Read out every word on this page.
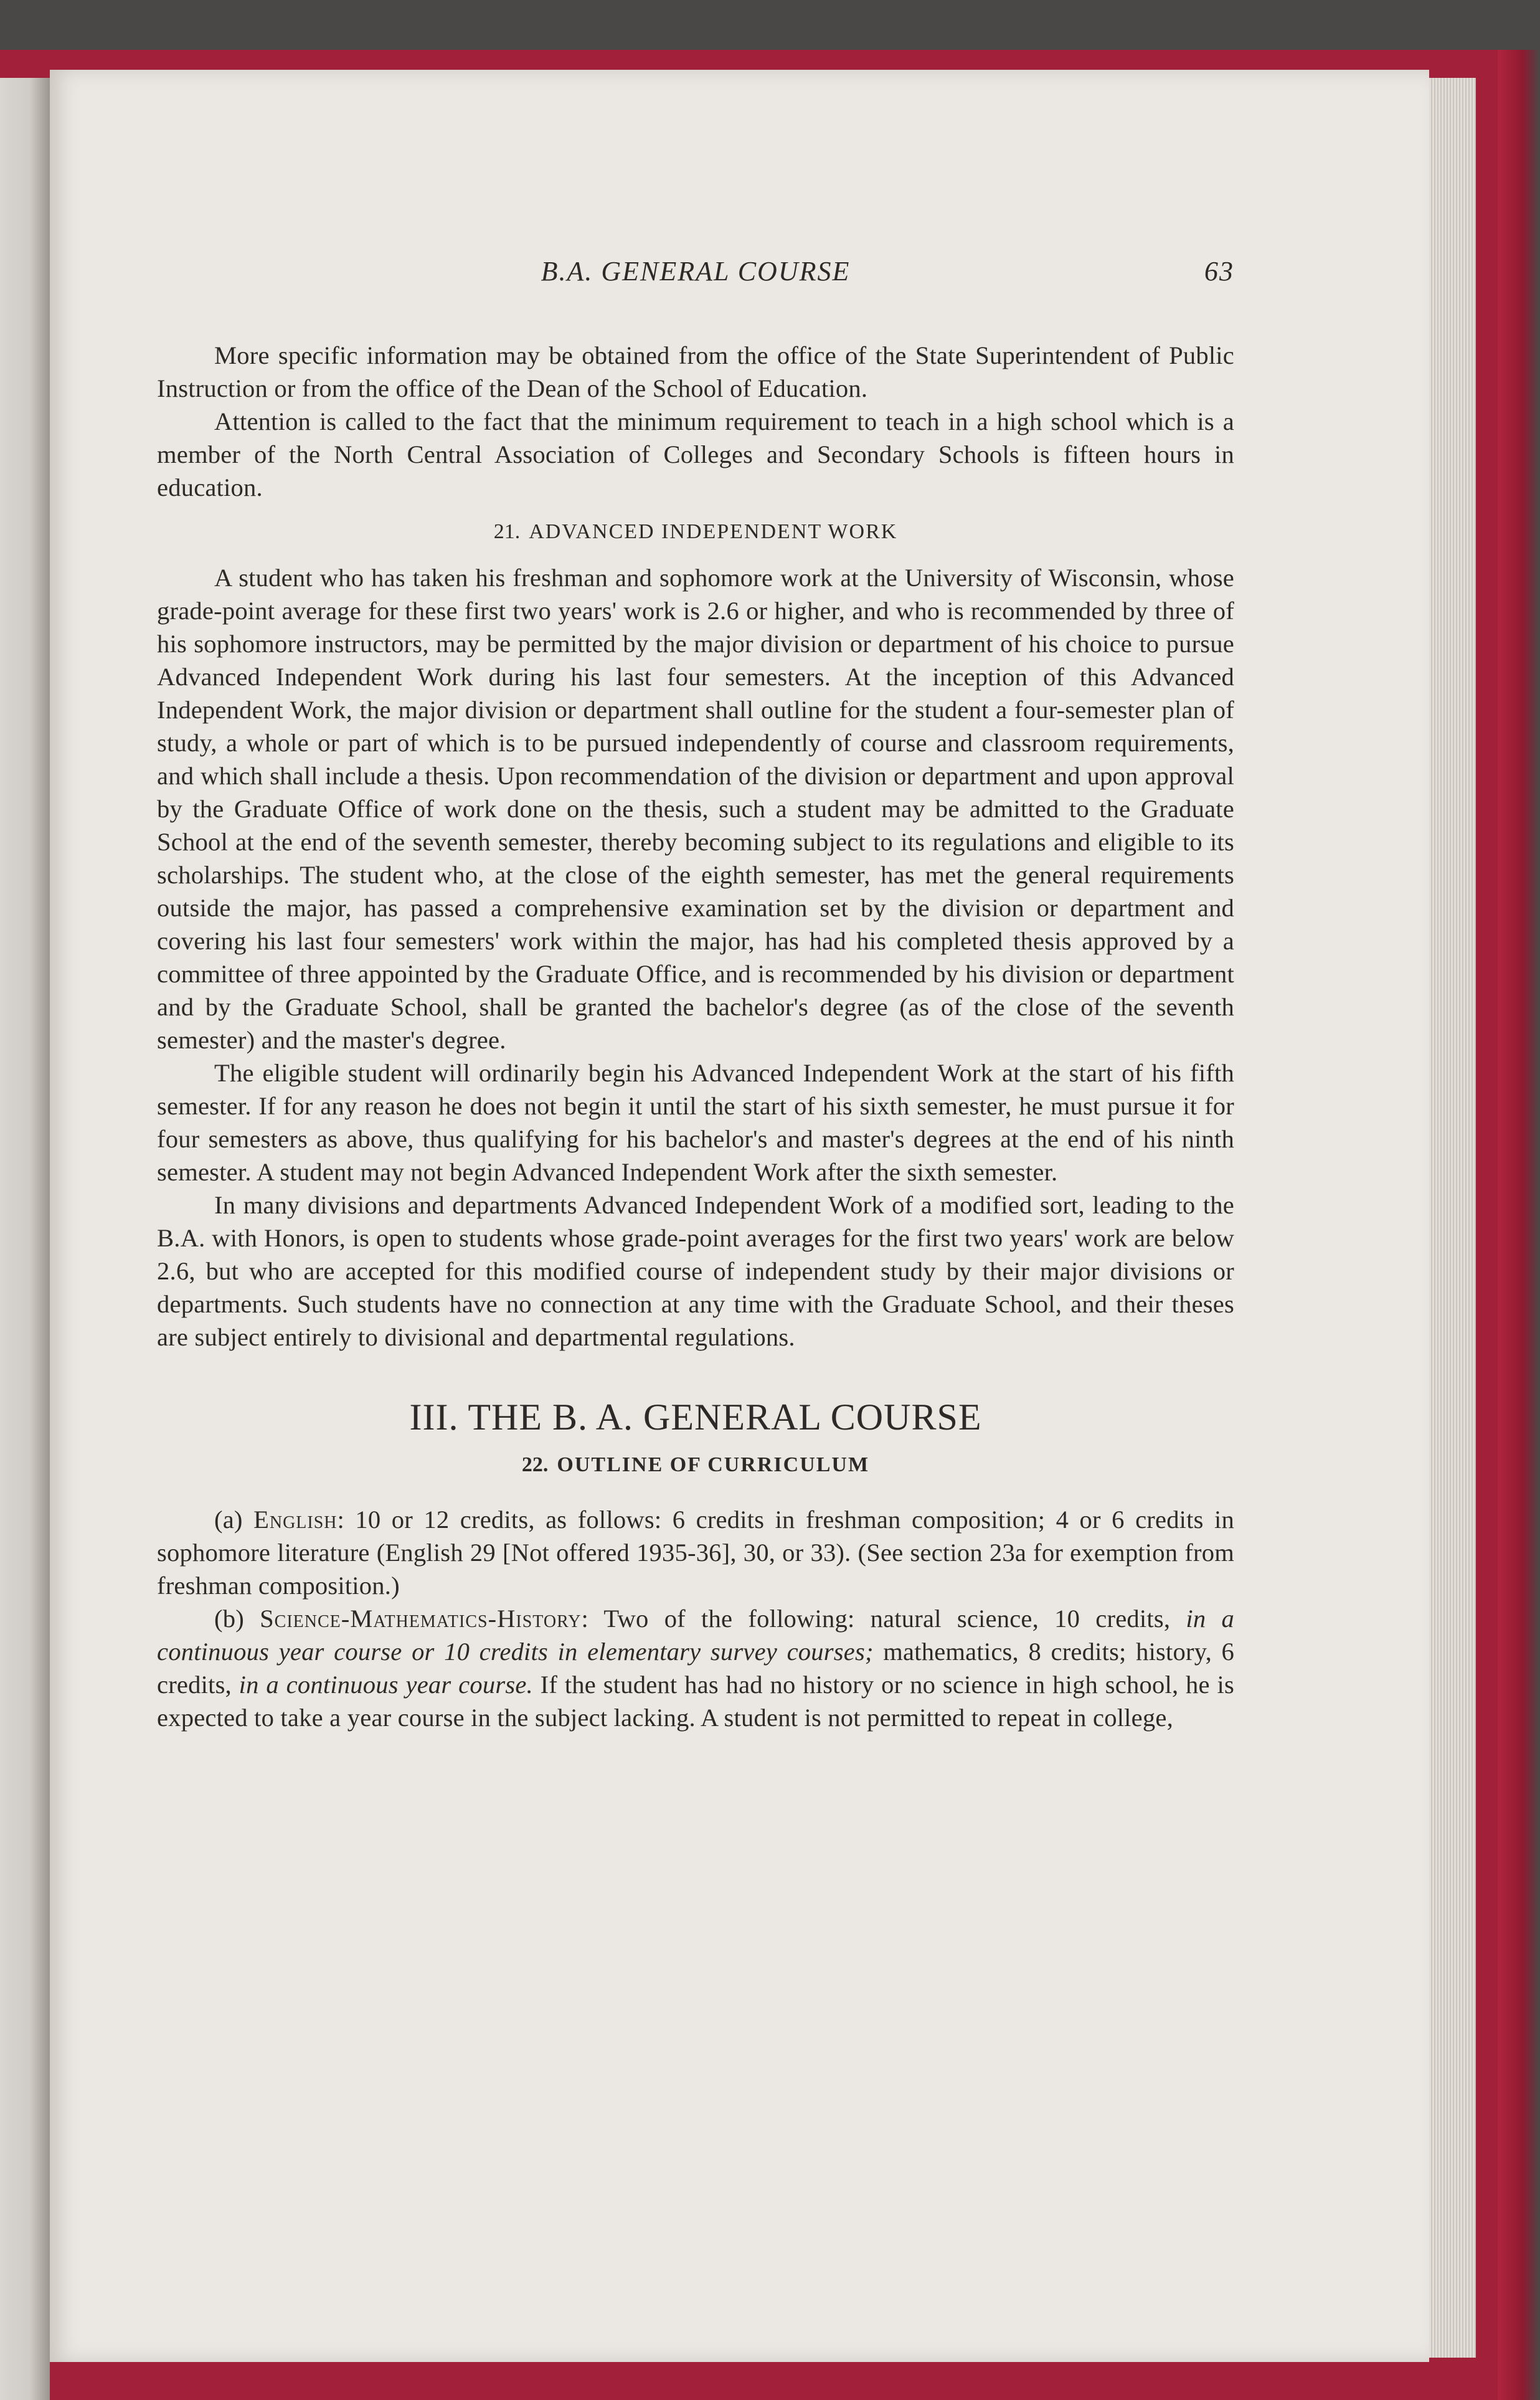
B.A. GENERAL COURSE	63

More specific information may be obtained from the office of the State Superintendent of Public Instruction or from the office of the Dean of the School of Education.

Attention is called to the fact that the minimum requirement to teach in a high school which is a member of the North Central Association of Colleges and Secondary Schools is fifteen hours in education.

21. ADVANCED INDEPENDENT WORK

A student who has taken his freshman and sophomore work at the University of Wisconsin, whose grade-point average for these first two years' work is 2.6 or higher, and who is recommended by three of his sophomore instructors, may be permitted by the major division or department of his choice to pursue Advanced Independent Work during his last four semesters. At the inception of this Advanced Independent Work, the major division or department shall outline for the student a four-semester plan of study, a whole or part of which is to be pursued independently of course and classroom requirements, and which shall include a thesis. Upon recommendation of the division or department and upon approval by the Graduate Office of work done on the thesis, such a student may be admitted to the Graduate School at the end of the seventh semester, thereby becoming subject to its regulations and eligible to its scholarships. The student who, at the close of the eighth semester, has met the general requirements outside the major, has passed a comprehensive examination set by the division or department and covering his last four semesters' work within the major, has had his completed thesis approved by a committee of three appointed by the Graduate Office, and is recommended by his division or department and by the Graduate School, shall be granted the bachelor's degree (as of the close of the seventh semester) and the master's degree.

The eligible student will ordinarily begin his Advanced Independent Work at the start of his fifth semester. If for any reason he does not begin it until the start of his sixth semester, he must pursue it for four semesters as above, thus qualifying for his bachelor's and master's degrees at the end of his ninth semester. A student may not begin Advanced Independent Work after the sixth semester.

In many divisions and departments Advanced Independent Work of a modified sort, leading to the B.A. with Honors, is open to students whose grade-point averages for the first two years' work are below 2.6, but who are accepted for this modified course of independent study by their major divisions or departments. Such students have no connection at any time with the Graduate School, and their theses are subject entirely to divisional and departmental regulations.

III. THE B. A. GENERAL COURSE
22. OUTLINE OF CURRICULUM

(a) English: 10 or 12 credits, as follows: 6 credits in freshman composition; 4 or 6 credits in sophomore literature (English 29 [Not offered 1935-36], 30, or 33). (See section 23a for exemption from freshman composition.)

(b) Science-Mathematics-History: Two of the following: natural science, 10 credits, in a continuous year course or 10 credits in elementary survey courses; mathematics, 8 credits; history, 6 credits, in a continuous year course. If the student has had no history or no science in high school, he is expected to take a year course in the subject lacking. A student is not permitted to repeat in college,
